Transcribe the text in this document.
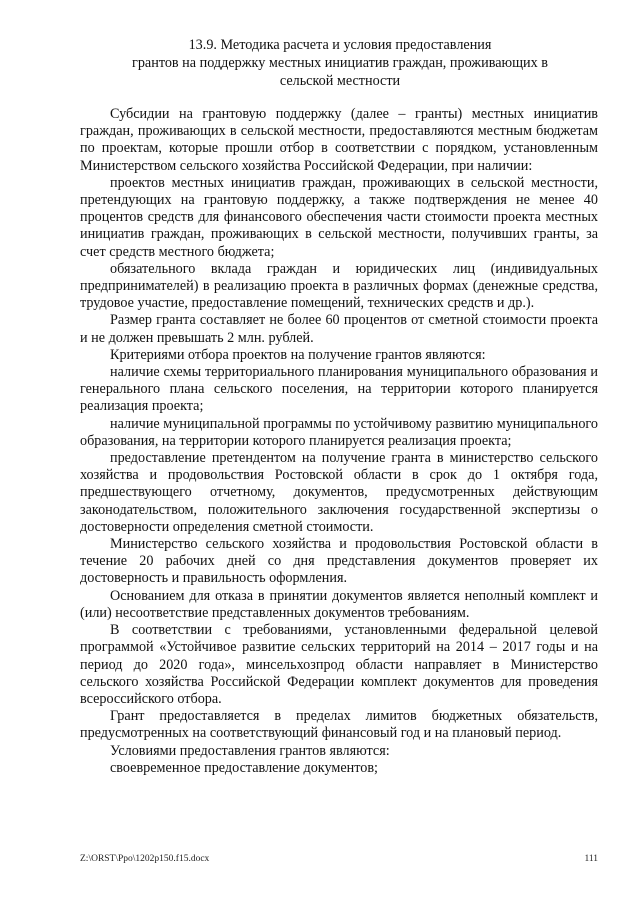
13.9. Методика расчета и условия предоставления
грантов на поддержку местных инициатив граждан, проживающих в
сельской местности

Субсидии на грантовую поддержку (далее – гранты) местных инициатив граждан, проживающих в сельской местности, предоставляются местным бюджетам по проектам, которые прошли отбор в соответствии с порядком, установленным Министерством сельского хозяйства Российской Федерации, при наличии:

проектов местных инициатив граждан, проживающих в сельской местности, претендующих на грантовую поддержку, а также подтверждения не менее 40 процентов средств для финансового обеспечения части стоимости проекта местных инициатив граждан, проживающих в сельской местности, получивших гранты, за счет средств местного бюджета;

обязательного вклада граждан и юридических лиц (индивидуальных предпринимателей) в реализацию проекта в различных формах (денежные средства, трудовое участие, предоставление помещений, технических средств и др.).

Размер гранта составляет не более 60 процентов от сметной стоимости проекта и не должен превышать 2 млн. рублей.

Критериями отбора проектов на получение грантов являются:

наличие схемы территориального планирования муниципального образования и генерального плана сельского поселения, на территории которого планируется реализация проекта;

наличие муниципальной программы по устойчивому развитию муниципального образования, на территории которого планируется реализация проекта;

предоставление претендентом на получение гранта в министерство сельского хозяйства и продовольствия Ростовской области в срок до 1 октября года, предшествующего отчетному, документов, предусмотренных действующим законодательством, положительного заключения государственной экспертизы о достоверности определения сметной стоимости.

Министерство сельского хозяйства и продовольствия Ростовской области в течение 20 рабочих дней со дня представления документов проверяет их достоверность и правильность оформления.

Основанием для отказа в принятии документов является неполный комплект и (или) несоответствие представленных документов требованиям.

В соответствии с требованиями, установленными федеральной целевой программой «Устойчивое развитие сельских территорий на 2014 – 2017 годы и на период до 2020 года», минсельхозпрод области направляет в Министерство сельского хозяйства Российской Федерации комплект документов для проведения всероссийского отбора.

Грант предоставляется в пределах лимитов бюджетных обязательств, предусмотренных на соответствующий финансовый год и на плановый период.

Условиями предоставления грантов являются:

своевременное предоставление документов;

Z:\ORST\Ppo\1202p150.f15.docx	111
